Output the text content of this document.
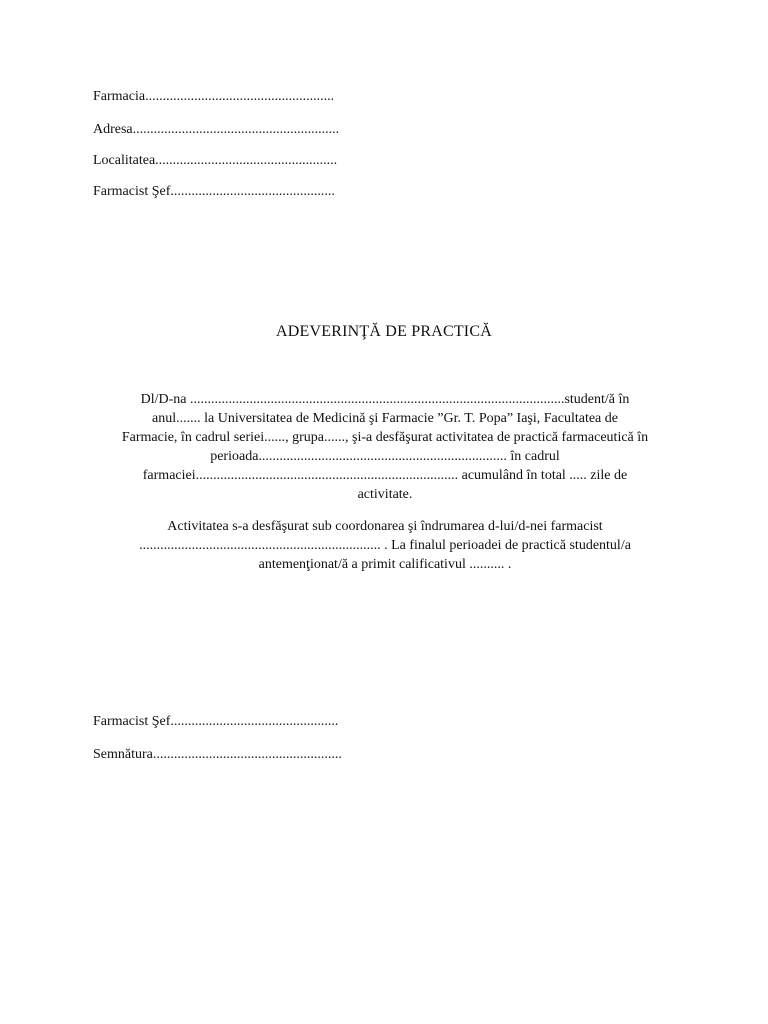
Farmacia......................................................
Adresa...........................................................
Localitatea....................................................
Farmacist Şef...............................................
ADEVERINŢĂ DE PRACTICĂ
Dl/D-na ...........................................................................................................student/ă în
anul....... la Universitatea de Medicină şi Farmacie ”Gr. T. Popa” Iaşi, Facultatea de
Farmacie, în cadrul seriei......, grupa......, şi-a desfăşurat activitatea de practică farmaceutică în
perioada....................................................................... în cadrul
farmaciei........................................................................... acumulând în total ..... zile de
activitate.
Activitatea s-a desfăşurat sub coordonarea şi îndrumarea d-lui/d-nei farmacist
..................................................................... . La finalul perioadei de practică studentul/a
antemenţionat/ă a primit calificativul .......... .
Farmacist Şef................................................
Semnătura......................................................
